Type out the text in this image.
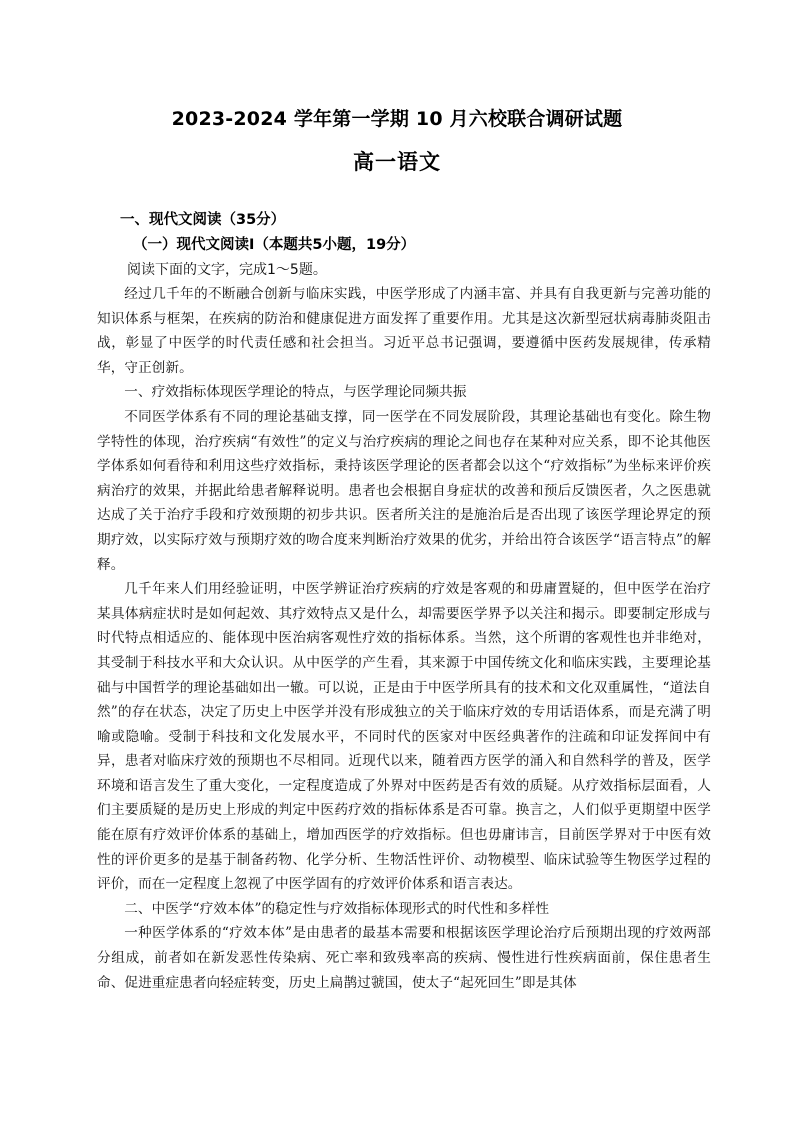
2023-2024 学年第一学期 10 月六校联合调研试题
高一语文
一、现代文阅读（35分）
（一）现代文阅读I（本题共5小题，19分）
阅读下面的文字，完成1～5题。

经过几千年的不断融合创新与临床实践，中医学形成了内涵丰富、并具有自我更新与完善功能的知识体系与框架，在疾病的防治和健康促进方面发挥了重要作用。尤其是这次新型冠状病毒肺炎阻击战，彰显了中医学的时代责任感和社会担当。习近平总书记强调，要遵循中医药发展规律，传承精华，守正创新。

一、疗效指标体现医学理论的特点，与医学理论同频共振

不同医学体系有不同的理论基础支撑，同一医学在不同发展阶段，其理论基础也有变化。除生物学特性的体现，治疗疾病“有效性”的定义与治疗疾病的理论之间也存在某种对应关系，即不论其他医学体系如何看待和利用这些疗效指标，秉持该医学理论的医者都会以这个“疗效指标”为坐标来评价疾病治疗的效果，并据此给患者解释说明。患者也会根据自身症状的改善和预后反馈医者，久之医患就达成了关于治疗手段和疗效预期的初步共识。医者所关注的是施治后是否出现了该医学理论界定的预期疗效，以实际疗效与预期疗效的吻合度来判断治疗效果的优劣，并给出符合该医学“语言特点”的解释。

几千年来人们用经验证明，中医学辨证治疗疾病的疗效是客观的和毋庸置疑的，但中医学在治疗某具体病症状时是如何起效、其疗效特点又是什么，却需要医学界予以关注和揭示。即要制定形成与时代特点相适应的、能体现中医治病客观性疗效的指标体系。当然，这个所谓的客观性也并非绝对，其受制于科技水平和大众认识。从中医学的产生看，其来源于中国传统文化和临床实践，主要理论基础与中国哲学的理论基础如出一辙。可以说，正是由于中医学所具有的技术和文化双重属性，“道法自然”的存在状态，决定了历史上中医学并没有形成独立的关于临床疗效的专用话语体系，而是充满了明喻或隐喻。受制于科技和文化发展水平，不同时代的医家对中医经典著作的注疏和印证发挥间中有异，患者对临床疗效的预期也不尽相同。近现代以来，随着西方医学的涌入和自然科学的普及，医学环境和语言发生了重大变化，一定程度造成了外界对中医药是否有效的质疑。从疗效指标层面看，人们主要质疑的是历史上形成的判定中医药疗效的指标体系是否可靠。换言之，人们似乎更期望中医学能在原有疗效评价体系的基础上，增加西医学的疗效指标。但也毋庸讳言，目前医学界对于中医有效性的评价更多的是基于制备药物、化学分析、生物活性评价、动物模型、临床试验等生物医学过程的评价，而在一定程度上忽视了中医学固有的疗效评价体系和语言表达。

二、中医学“疗效本体”的稳定性与疗效指标体现形式的时代性和多样性

一种医学体系的“疗效本体”是由患者的最基本需要和根据该医学理论治疗后预期出现的疗效两部分组成，前者如在新发恶性传染病、死亡率和致残率高的疾病、慢性进行性疾病面前，保住患者生命、促进重症患者向轻症转变，历史上扁鹊过虢国，使太子“起死回生”即是其体
